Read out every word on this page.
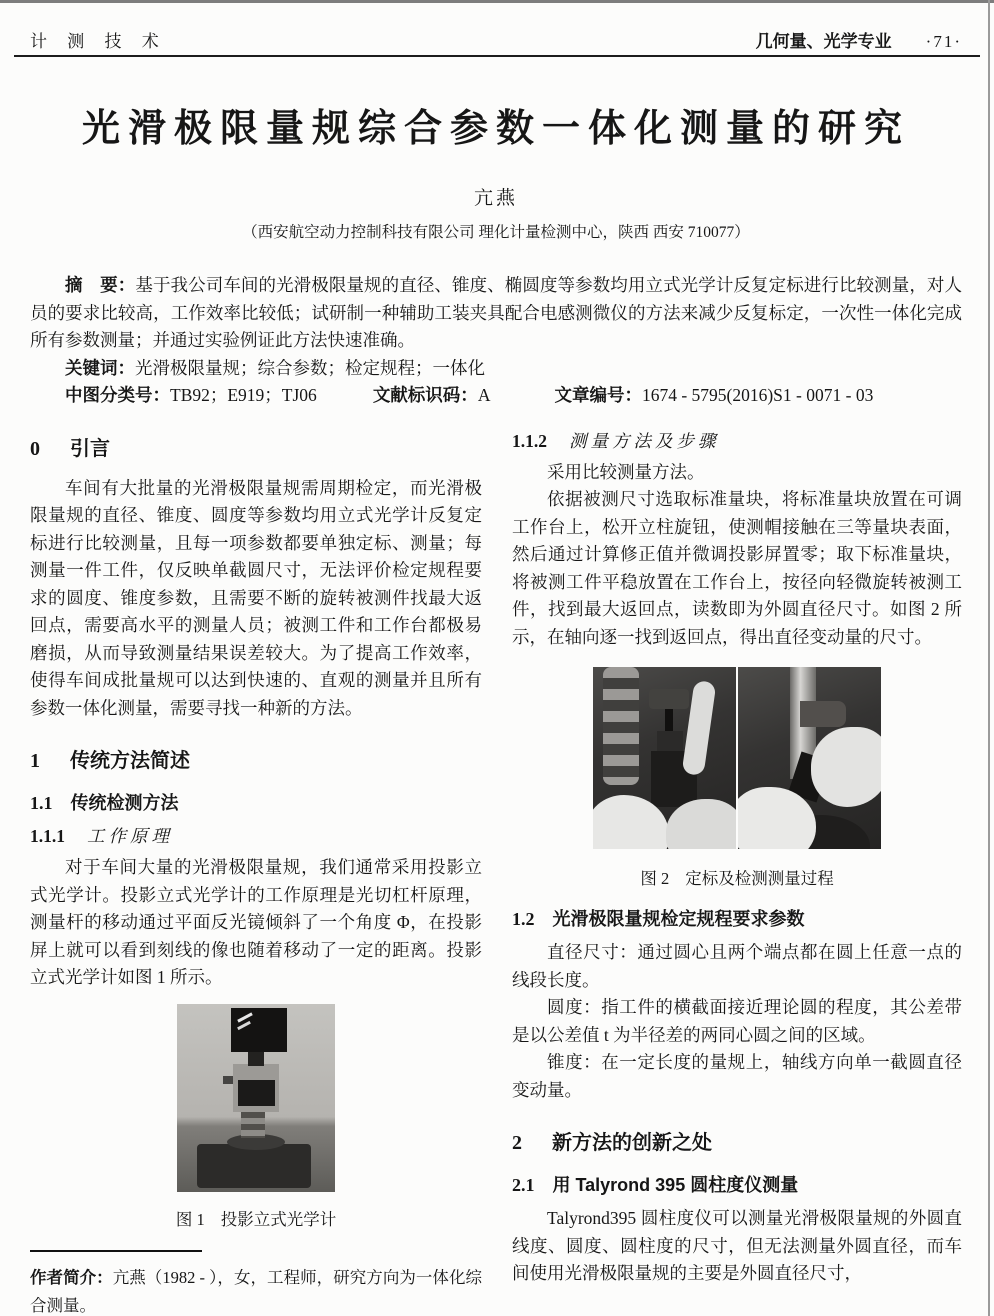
计 测 技 术	几何量、光学专业 ·71·
光滑极限量规综合参数一体化测量的研究
亢燕
（西安航空动力控制科技有限公司 理化计量检测中心，陕西 西安 710077）

摘　要：基于我公司车间的光滑极限量规的直径、锥度、椭圆度等参数均用立式光学计反复定标进行比较测量，对人员的要求比较高，工作效率比较低；试研制一种辅助工装夹具配合电感测微仪的方法来减少反复标定，一次性一体化完成所有参数测量；并通过实验例证此方法快速准确。

关键词：光滑极限量规；综合参数；检定规程；一体化

中图分类号：TB92；E919；TJ06	文献标识码：A	文章编号：1674 - 5795(2016)S1 - 0071 - 03

0 引言

车间有大批量的光滑极限量规需周期检定，而光滑极限量规的直径、锥度、圆度等参数均用立式光学计反复定标进行比较测量，且每一项参数都要单独定标、测量；每测量一件工件，仅反映单截圆尺寸，无法评价检定规程要求的圆度、锥度参数，且需要不断的旋转被测件找最大返回点，需要高水平的测量人员；被测工件和工作台都极易磨损，从而导致测量结果误差较大。为了提高工作效率，使得车间成批量规可以达到快速的、直观的测量并且所有参数一体化测量，需要寻找一种新的方法。

1 传统方法简述
1.1 传统检测方法
1.1.1 工作原理

对于车间大量的光滑极限量规，我们通常采用投影立式光学计。投影立式光学计的工作原理是光切杠杆原理，测量杆的移动通过平面反光镜倾斜了一个角度 Φ，在投影屏上就可以看到刻线的像也随着移动了一定的距离。投影立式光学计如图 1 所示。

图 1 投影立式光学计
作者简介：亢燕（1982 - ），女，工程师，研究方向为一体化综合测量。
1.1.2 测量方法及步骤

采用比较测量方法。

依据被测尺寸选取标准量块，将标准量块放置在可调工作台上，松开立柱旋钮，使测帽接触在三等量块表面，然后通过计算修正值并微调投影屏置零；取下标准量块，将被测工件平稳放置在工作台上，按径向轻微旋转被测工件，找到最大返回点，读数即为外圆直径尺寸。如图 2 所示，在轴向逐一找到返回点，得出直径变动量的尺寸。

图 2 定标及检测测量过程
1.2 光滑极限量规检定规程要求参数

直径尺寸：通过圆心且两个端点都在圆上任意一点的线段长度。

圆度：指工件的横截面接近理论圆的程度，其公差带是以公差值 t 为半径差的两同心圆之间的区域。

锥度：在一定长度的量规上，轴线方向单一截圆直径变动量。

2 新方法的创新之处
2.1 用 Talyrond 395 圆柱度仪测量

Talyrond395 圆柱度仪可以测量光滑极限量规的外圆直线度、圆度、圆柱度的尺寸，但无法测量外圆直径，而车间使用光滑极限量规的主要是外圆直径尺寸，
